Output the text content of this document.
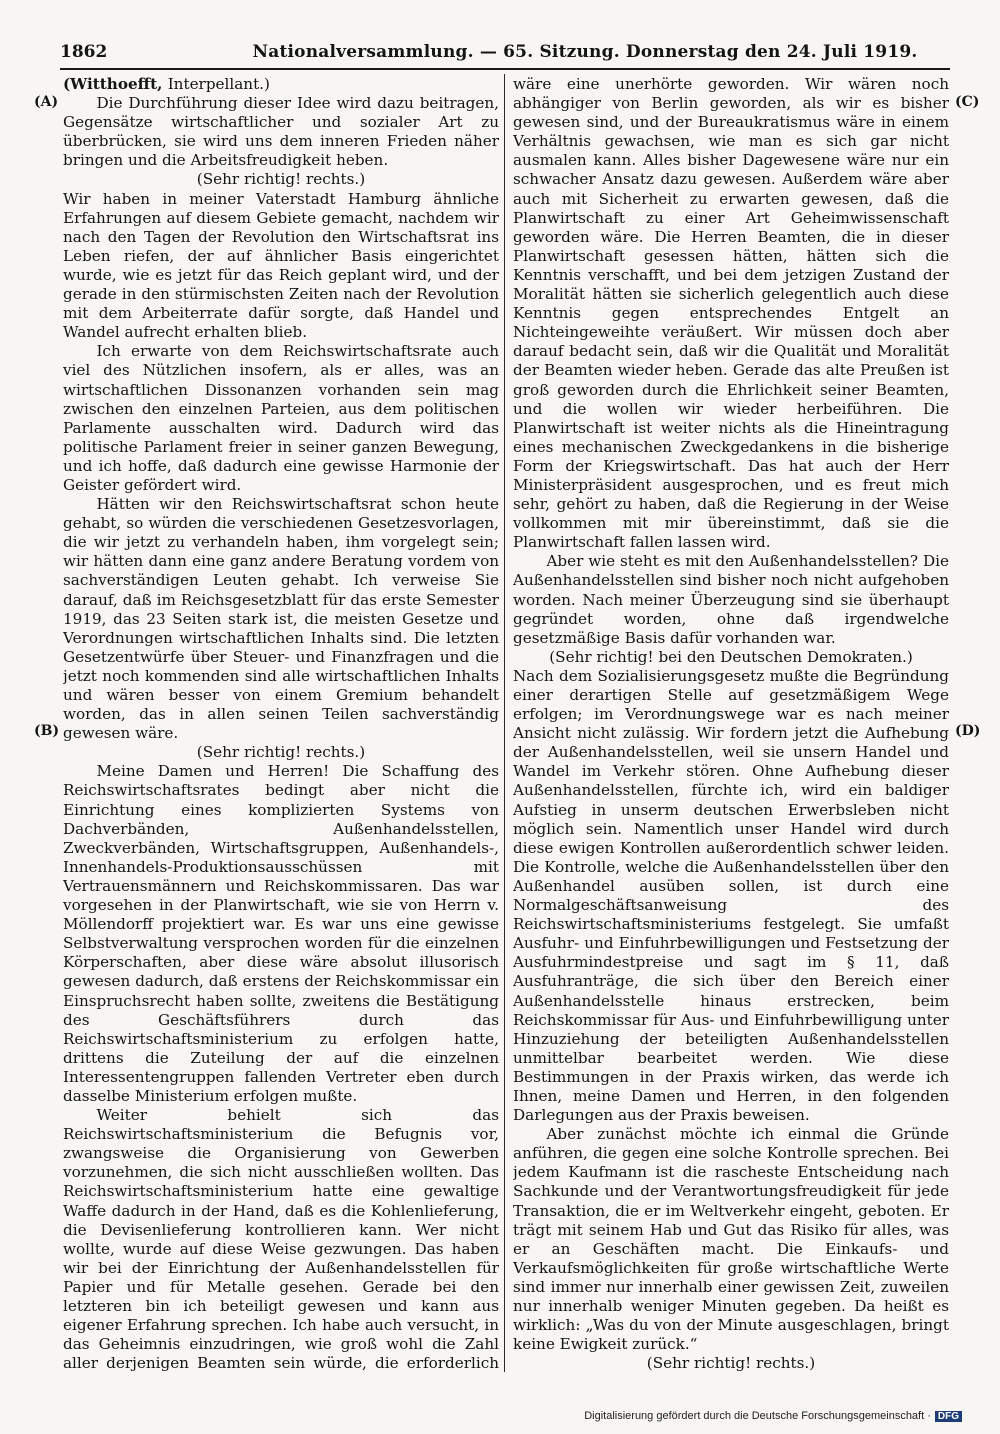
1862	Nationalversammlung. — 65. Sitzung. Donnerstag den 24. Juli 1919.
(A)
(B)
(C)
(D)

(Witthoefft, Interpellant.)

Die Durchführung dieser Idee wird dazu beitragen, Gegensätze wirtschaftlicher und sozialer Art zu überbrücken, sie wird uns dem inneren Frieden näher bringen und die Arbeitsfreudigkeit heben.

(Sehr richtig! rechts.)

Wir haben in meiner Vaterstadt Hamburg ähnliche Erfahrungen auf diesem Gebiete gemacht, nachdem wir nach den Tagen der Revolution den Wirtschaftsrat ins Leben riefen, der auf ähnlicher Basis eingerichtet wurde, wie es jetzt für das Reich geplant wird, und der gerade in den stürmischsten Zeiten nach der Revolution mit dem Arbeiterrate dafür sorgte, daß Handel und Wandel aufrecht erhalten blieb.

Ich erwarte von dem Reichswirtschaftsrate auch viel des Nützlichen insofern, als er alles, was an wirtschaftlichen Dissonanzen vorhanden sein mag zwischen den einzelnen Parteien, aus dem politischen Parlamente ausschalten wird. Dadurch wird das politische Parlament freier in seiner ganzen Bewegung, und ich hoffe, daß dadurch eine gewisse Harmonie der Geister gefördert wird.

Hätten wir den Reichswirtschaftsrat schon heute gehabt, so würden die verschiedenen Gesetzesvorlagen, die wir jetzt zu verhandeln haben, ihm vorgelegt sein; wir hätten dann eine ganz andere Beratung vordem von sachverständigen Leuten gehabt. Ich verweise Sie darauf, daß im Reichsgesetzblatt für das erste Semester 1919, das 23 Seiten stark ist, die meisten Gesetze und Verordnungen wirtschaftlichen Inhalts sind. Die letzten Gesetzentwürfe über Steuer- und Finanzfragen und die jetzt noch kommenden sind alle wirtschaftlichen Inhalts und wären besser von einem Gremium behandelt worden, das in allen seinen Teilen sachverständig gewesen wäre.

(Sehr richtig! rechts.)

Meine Damen und Herren! Die Schaffung des Reichswirtschaftsrates bedingt aber nicht die Einrichtung eines komplizierten Systems von Dachverbänden, Außenhandelsstellen, Zweckverbänden, Wirtschaftsgruppen, Außenhandels-, Innenhandels-Produktionsausschüssen mit Vertrauensmännern und Reichskommissaren. Das war vorgesehen in der Planwirtschaft, wie sie von Herrn v. Möllendorff projektiert war. Es war uns eine gewisse Selbstverwaltung versprochen worden für die einzelnen Körperschaften, aber diese wäre absolut illusorisch gewesen dadurch, daß erstens der Reichskommissar ein Einspruchsrecht haben sollte, zweitens die Bestätigung des Geschäftsführers durch das Reichswirtschaftsministerium zu erfolgen hatte, drittens die Zuteilung der auf die einzelnen Interessentengruppen fallenden Vertreter eben durch dasselbe Ministerium erfolgen mußte.

Weiter behielt sich das Reichswirtschaftsministerium die Befugnis vor, zwangsweise die Organisierung von Gewerben vorzunehmen, die sich nicht ausschließen wollten. Das Reichswirtschaftsministerium hatte eine gewaltige Waffe dadurch in der Hand, daß es die Kohlenlieferung, die Devisenlieferung kontrollieren kann. Wer nicht wollte, wurde auf diese Weise gezwungen. Das haben wir bei der Einrichtung der Außenhandelsstellen für Papier und für Metalle gesehen. Gerade bei den letzteren bin ich beteiligt gewesen und kann aus eigener Erfahrung sprechen. Ich habe auch versucht, in das Geheimnis einzudringen, wie groß wohl die Zahl aller derjenigen Beamten sein würde, die erforderlich

wäre eine unerhörte geworden. Wir wären noch abhängiger von Berlin geworden, als wir es bisher gewesen sind, und der Bureaukratismus wäre in einem Verhältnis gewachsen, wie man es sich gar nicht ausmalen kann. Alles bisher Dagewesene wäre nur ein schwacher Ansatz dazu gewesen. Außerdem wäre aber auch mit Sicherheit zu erwarten gewesen, daß die Planwirtschaft zu einer Art Geheimwissenschaft geworden wäre. Die Herren Beamten, die in dieser Planwirtschaft gesessen hätten, hätten sich die Kenntnis verschafft, und bei dem jetzigen Zustand der Moralität hätten sie sicherlich gelegentlich auch diese Kenntnis gegen entsprechendes Entgelt an Nichteingeweihte veräußert. Wir müssen doch aber darauf bedacht sein, daß wir die Qualität und Moralität der Beamten wieder heben. Gerade das alte Preußen ist groß geworden durch die Ehrlichkeit seiner Beamten, und die wollen wir wieder herbeiführen. Die Planwirtschaft ist weiter nichts als die Hineintragung eines mechanischen Zweckgedankens in die bisherige Form der Kriegswirtschaft. Das hat auch der Herr Ministerpräsident ausgesprochen, und es freut mich sehr, gehört zu haben, daß die Regierung in der Weise vollkommen mit mir übereinstimmt, daß sie die Planwirtschaft fallen lassen wird.

Aber wie steht es mit den Außenhandelsstellen? Die Außenhandelsstellen sind bisher noch nicht aufgehoben worden. Nach meiner Überzeugung sind sie überhaupt gegründet worden, ohne daß irgendwelche gesetzmäßige Basis dafür vorhanden war.

(Sehr richtig! bei den Deutschen Demokraten.)

Nach dem Sozialisierungsgesetz mußte die Begründung einer derartigen Stelle auf gesetzmäßigem Wege erfolgen; im Verordnungswege war es nach meiner Ansicht nicht zulässig. Wir fordern jetzt die Aufhebung der Außenhandelsstellen, weil sie unsern Handel und Wandel im Verkehr stören. Ohne Aufhebung dieser Außenhandelsstellen, fürchte ich, wird ein baldiger Aufstieg in unserm deutschen Erwerbsleben nicht möglich sein. Namentlich unser Handel wird durch diese ewigen Kontrollen außerordentlich schwer leiden. Die Kontrolle, welche die Außenhandelsstellen über den Außenhandel ausüben sollen, ist durch eine Normalgeschäftsanweisung des Reichswirtschaftsministeriums festgelegt. Sie umfaßt Ausfuhr- und Einfuhrbewilligungen und Festsetzung der Ausfuhrmindestpreise und sagt im § 11, daß Ausfuhranträge, die sich über den Bereich einer Außenhandelsstelle hinaus erstrecken, beim Reichskommissar für Aus- und Einfuhrbewilligung unter Hinzuziehung der beteiligten Außenhandelsstellen unmittelbar bearbeitet werden. Wie diese Bestimmungen in der Praxis wirken, das werde ich Ihnen, meine Damen und Herren, in den folgenden Darlegungen aus der Praxis beweisen.

Aber zunächst möchte ich einmal die Gründe anführen, die gegen eine solche Kontrolle sprechen. Bei jedem Kaufmann ist die rascheste Entscheidung nach Sachkunde und der Verantwortungsfreudigkeit für jede Transaktion, die er im Weltverkehr eingeht, geboten. Er trägt mit seinem Hab und Gut das Risiko für alles, was er an Geschäften macht. Die Einkaufs- und Verkaufsmöglichkeiten für große wirtschaftliche Werte sind immer nur innerhalb einer gewissen Zeit, zuweilen nur innerhalb weniger Minuten gegeben. Da heißt es wirklich: „Was du von der Minute ausgeschlagen, bringt keine Ewigkeit zurück.“

(Sehr richtig! rechts.)

Digitalisierung gefördert durch die Deutsche Forschungsgemeinschaft · DFG
